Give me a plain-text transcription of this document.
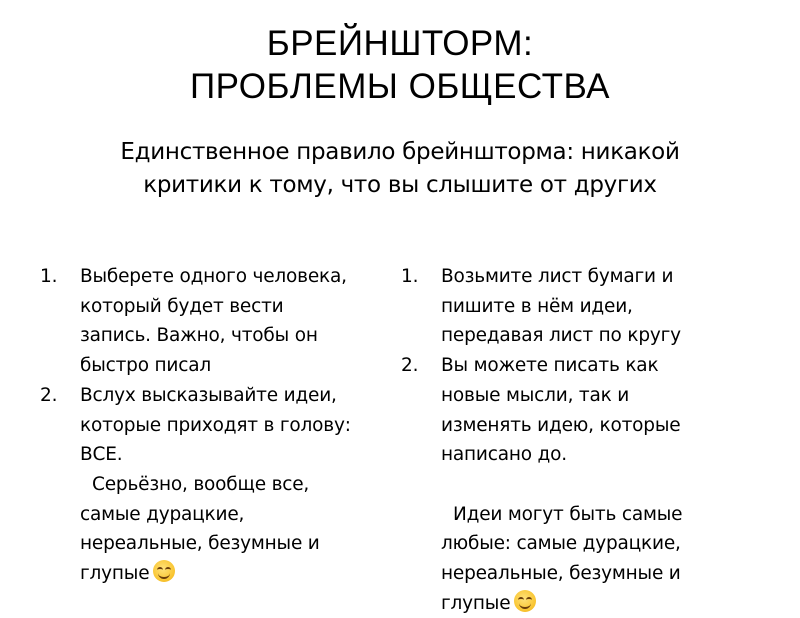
БРЕЙНШТОРМ:
ПРОБЛЕМЫ ОБЩЕСТВА
Единственное правило брейншторма: никакой
критики к тому, что вы слышите от других
1. Выберете одного человека,
который будет вести
запись. Важно, чтобы он
быстро писал
2. Вслух высказывайте идеи,
которые приходят в голову:
ВСЕ.
Серьёзно, вообще все,
самые дурацкие,
нереальные, безумные и
глупые
1. Возьмите лист бумаги и
пишите в нём идеи,
передавая лист по кругу
2. Вы можете писать как
новые мысли, так и
изменять идею, которые
написано до.
Идеи могут быть самые
любые: самые дурацкие,
нереальные, безумные и
глупые
